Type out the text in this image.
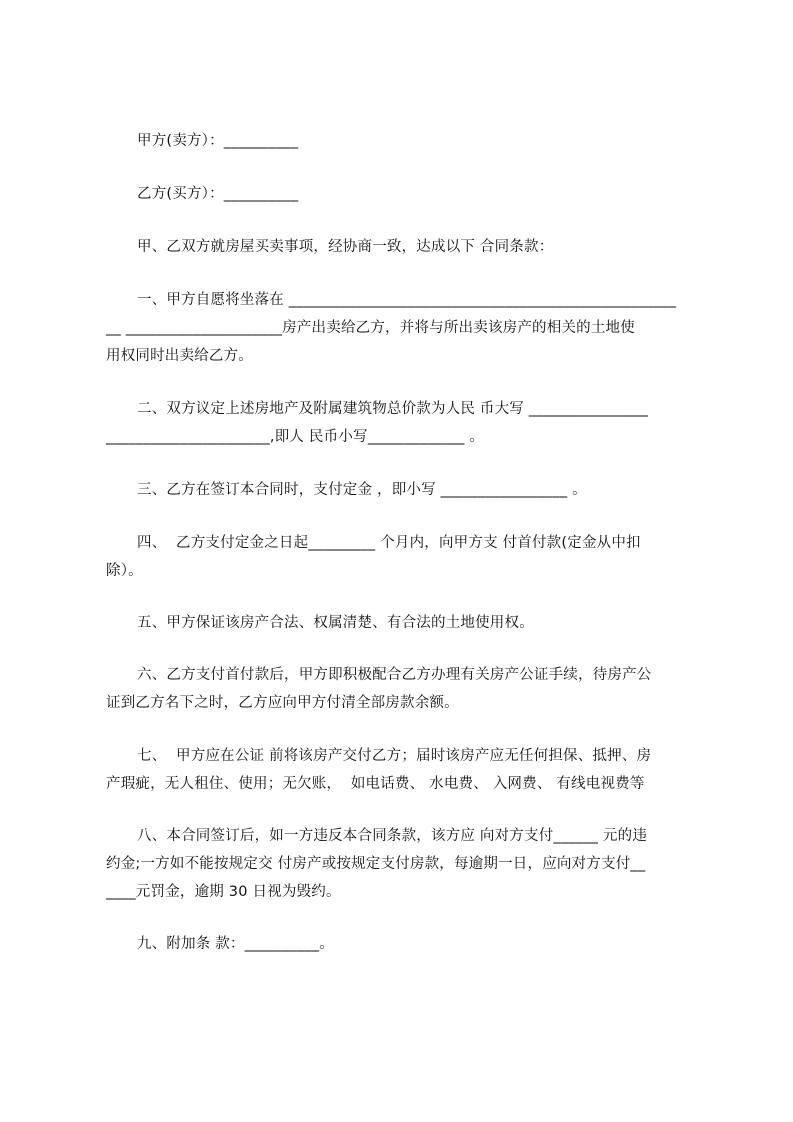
甲方(卖方）：__________
乙方(买方）：__________
甲、乙双方就房屋买卖事项，经协商一致，达成以下 合同条款：
一、甲方自愿将坐落在 ____________________________________________________
__ _____________________房产出卖给乙方，并将与所出卖该房产的相关的土地使
用权同时出卖给乙方。
二、双方议定上述房地产及附属建筑物总价款为人民 币大写 ________________
______________________,即人 民币小写_____________ 。
三、乙方在签订本合同时，支付定金 ，即小写 _________________ 。
四、  乙方支付定金之日起_________ 个月内，向甲方支 付首付款(定金从中扣
除）。
五、甲方保证该房产合法、权属清楚、有合法的土地使用权。
六、乙方支付首付款后，甲方即积极配合乙方办理有关房产公证手续，待房产公
证到乙方名下之时，乙方应向甲方付清全部房款余额。
七、  甲方应在公证 前将该房产交付乙方；届时该房产应无任何担保、抵押、房
产瑕疵，无人租住、使用；无欠账，  如电话费、 水电费、 入网费、 有线电视费等
八、本合同签订后，如一方违反本合同条款，该方应 向对方支付______ 元的违
约金;一方如不能按规定交 付房产或按规定支付房款，每逾期一日，应向对方支付__
____元罚金，逾期 30 日视为毁约。
九、附加条 款：__________。
